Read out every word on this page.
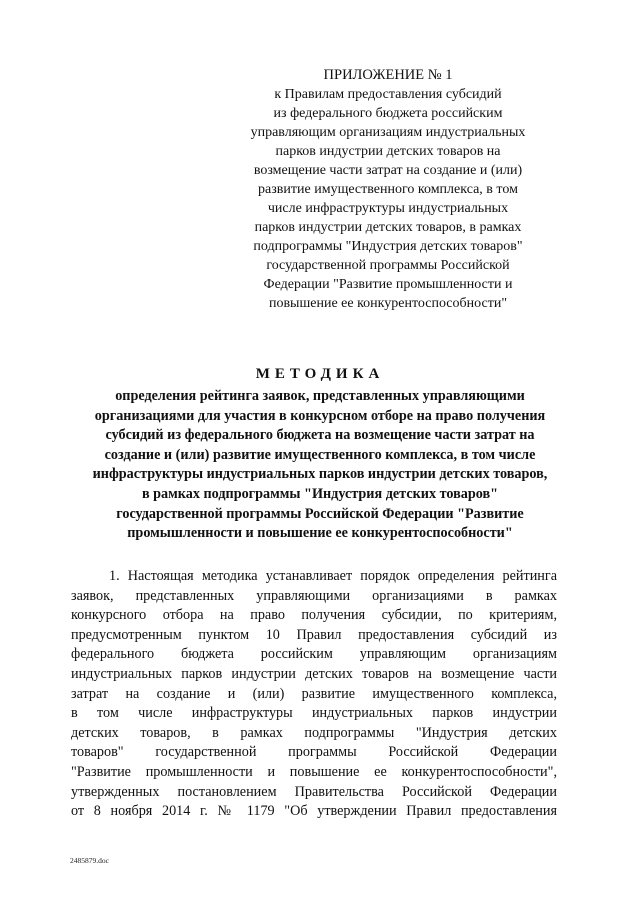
ПРИЛОЖЕНИЕ № 1
к Правилам предоставления субсидий
из федерального бюджета российским
управляющим организациям индустриальных
парков индустрии детских товаров на
возмещение части затрат на создание и (или)
развитие имущественного комплекса, в том
числе инфраструктуры индустриальных
парков индустрии детских товаров, в рамках
подпрограммы "Индустрия детских товаров"
государственной программы Российской
Федерации "Развитие промышленности и
повышение ее конкурентоспособности"
МЕТОДИКА
определения рейтинга заявок, представленных управляющими
организациями для участия в конкурсном отборе на право получения
субсидий из федерального бюджета на возмещение части затрат на
создание и (или) развитие имущественного комплекса, в том числе
инфраструктуры индустриальных парков индустрии детских товаров,
в рамках подпрограммы "Индустрия детских товаров"
государственной программы Российской Федерации "Развитие
промышленности и повышение ее конкурентоспособности"
1. Настоящая методика устанавливает порядок определения рейтинга
заявок, представленных управляющими организациями в рамках
конкурсного отбора на право получения субсидии, по критериям,
предусмотренным пунктом 10 Правил предоставления субсидий из
федерального бюджета российским управляющим организациям
индустриальных парков индустрии детских товаров на возмещение части
затрат на создание и (или) развитие имущественного комплекса,
в том числе инфраструктуры индустриальных парков индустрии
детских товаров, в рамках подпрограммы "Индустрия детских
товаров" государственной программы Российской Федерации
"Развитие промышленности и повышение ее конкурентоспособности",
утвержденных постановлением Правительства Российской Федерации
от 8 ноября 2014 г. № 1179 "Об утверждении Правил предоставления
2485879.doc
